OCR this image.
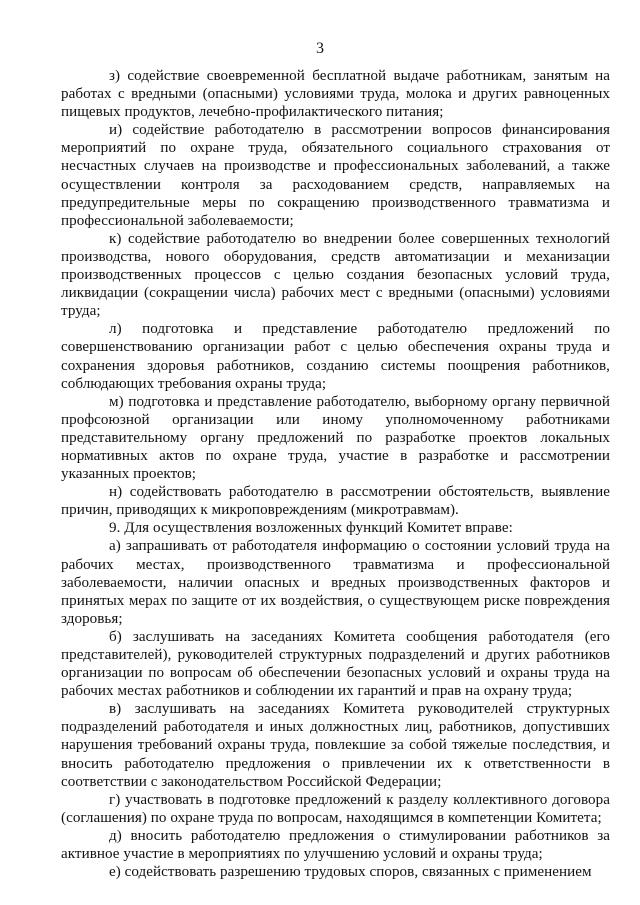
3

з) содействие своевременной бесплатной выдаче работникам, занятым на работах с вредными (опасными) условиями труда, молока и других равноценных пищевых продуктов, лечебно-профилактического питания;

и) содействие работодателю в рассмотрении вопросов финансирования мероприятий по охране труда, обязательного социального страхования от несчастных случаев на производстве и профессиональных заболеваний, а также осуществлении контроля за расходованием средств, направляемых на предупредительные меры по сокращению производственного травматизма и профессиональной заболеваемости;

к) содействие работодателю во внедрении более совершенных технологий производства, нового оборудования, средств автоматизации и механизации производственных процессов с целью создания безопасных условий труда, ликвидации (сокращении числа) рабочих мест с вредными (опасными) условиями труда;

л) подготовка и представление работодателю предложений по совершенствованию организации работ с целью обеспечения охраны труда и сохранения здоровья работников, созданию системы поощрения работников, соблюдающих требования охраны труда;

м) подготовка и представление работодателю, выборному органу первичной профсоюзной организации или иному уполномоченному работниками представительному органу предложений по разработке проектов локальных нормативных актов по охране труда, участие в разработке и рассмотрении указанных проектов;

н) содействовать работодателю в рассмотрении обстоятельств, выявление причин, приводящих к микроповреждениям (микротравмам).

9. Для осуществления возложенных функций Комитет вправе:

а) запрашивать от работодателя информацию о состоянии условий труда на рабочих местах, производственного травматизма и профессиональной заболеваемости, наличии опасных и вредных производственных факторов и принятых мерах по защите от их воздействия, о существующем риске повреждения здоровья;

б) заслушивать на заседаниях Комитета сообщения работодателя (его представителей), руководителей структурных подразделений и других работников организации по вопросам об обеспечении безопасных условий и охраны труда на рабочих местах работников и соблюдении их гарантий и прав на охрану труда;

в) заслушивать на заседаниях Комитета руководителей структурных подразделений работодателя и иных должностных лиц, работников, допустивших нарушения требований охраны труда, повлекшие за собой тяжелые последствия, и вносить работодателю предложения о привлечении их к ответственности в соответствии с законодательством Российской Федерации;

г) участвовать в подготовке предложений к разделу коллективного договора (соглашения) по охране труда по вопросам, находящимся в компетенции Комитета;

д) вносить работодателю предложения о стимулировании работников за активное участие в мероприятиях по улучшению условий и охраны труда;

е) содействовать разрешению трудовых споров, связанных с применением
